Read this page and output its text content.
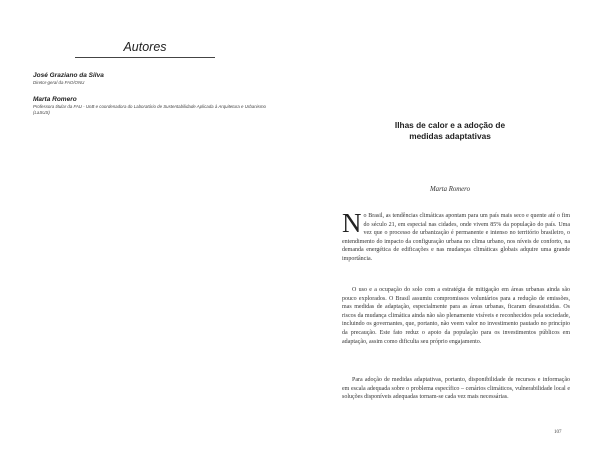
Autores
José Graziano da Silva
Diretor-geral da FAO/ONU
Marta Romero
Professora titular da FAU - UnB e coordenadora do Laboratório de Sustentabilidade Aplicada à Arquitetura e Urbanismo (LaSUS)
Ilhas de calor e a adoção de medidas adaptativas
Marta Romero
No Brasil, as tendências climáticas apontam para um país mais seco e quente até o fim do século 21, em especial nas cidades, onde vivem 85% da população do país. Uma vez que o processo de urbanização é permanente e intenso no território brasileiro, o entendimento do impacto da configuração urbana no clima urbano, nos níveis de conforto, na demanda energética de edificações e nas mudanças climáticas globais adquire uma grande importância.
O uso e a ocupação do solo com a estratégia de mitigação em áreas urbanas ainda são pouco explorados. O Brasil assumiu compromissos voluntários para a redução de emissões, mas medidas de adaptação, especialmente para as áreas urbanas, ficaram desassistidas. Os riscos da mudança climática ainda não são plenamente visíveis e reconhecidos pela sociedade, incluindo os governantes, que, portanto, não veem valor no investimento pautado no princípio da precaução. Este fato reduz o apoio da população para os investimentos públicos em adaptação, assim como dificulta seu próprio engajamento.
Para adoção de medidas adaptativas, portanto, disponibilidade de recursos e informação em escala adequada sobre o problema específico – cenários climáticos, vulnerabilidade local e soluções disponíveis adequadas tornam-se cada vez mais necessárias.
107
